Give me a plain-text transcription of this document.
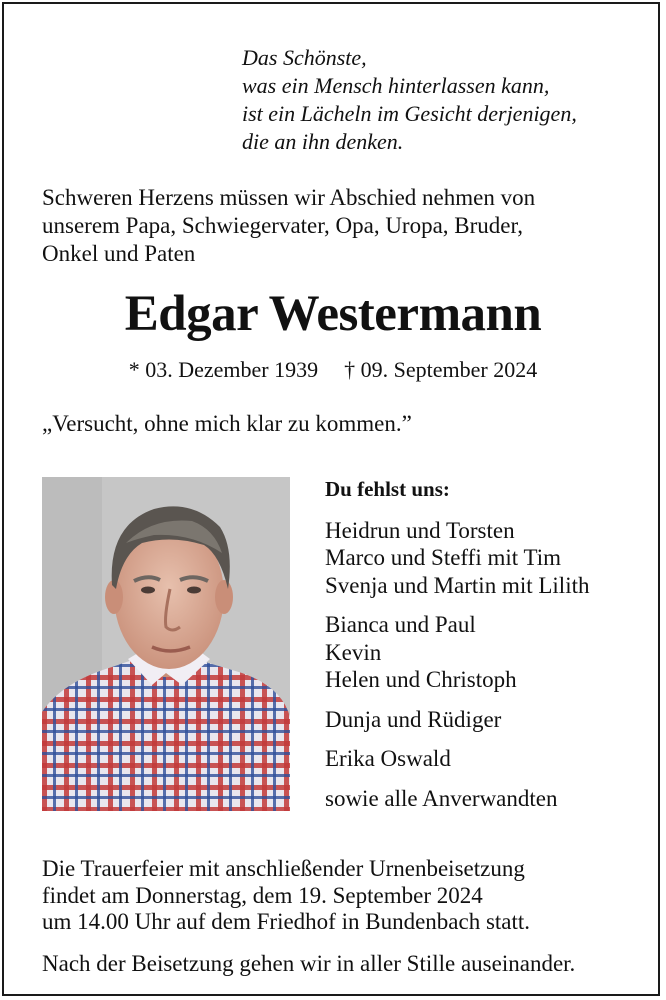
Das Schönste,
was ein Mensch hinterlassen kann,
ist ein Lächeln im Gesicht derjenigen,
die an ihn denken.
Schweren Herzens müssen wir Abschied nehmen von
unserem Papa, Schwiegervater, Opa, Uropa, Bruder,
Onkel und Paten
Edgar Westermann
* 03. Dezember 1939 † 09. September 2024
„Versucht, ohne mich klar zu kommen.”
Du fehlst uns:
Heidrun und Torsten
Marco und Steffi mit Tim
Svenja und Martin mit Lilith
Bianca und Paul
Kevin
Helen und Christoph
Dunja und Rüdiger
Erika Oswald
sowie alle Anverwandten
Die Trauerfeier mit anschließender Urnenbeisetzung
findet am Donnerstag, dem 19. September 2024
um 14.00 Uhr auf dem Friedhof in Bundenbach statt.
Nach der Beisetzung gehen wir in aller Stille auseinander.
